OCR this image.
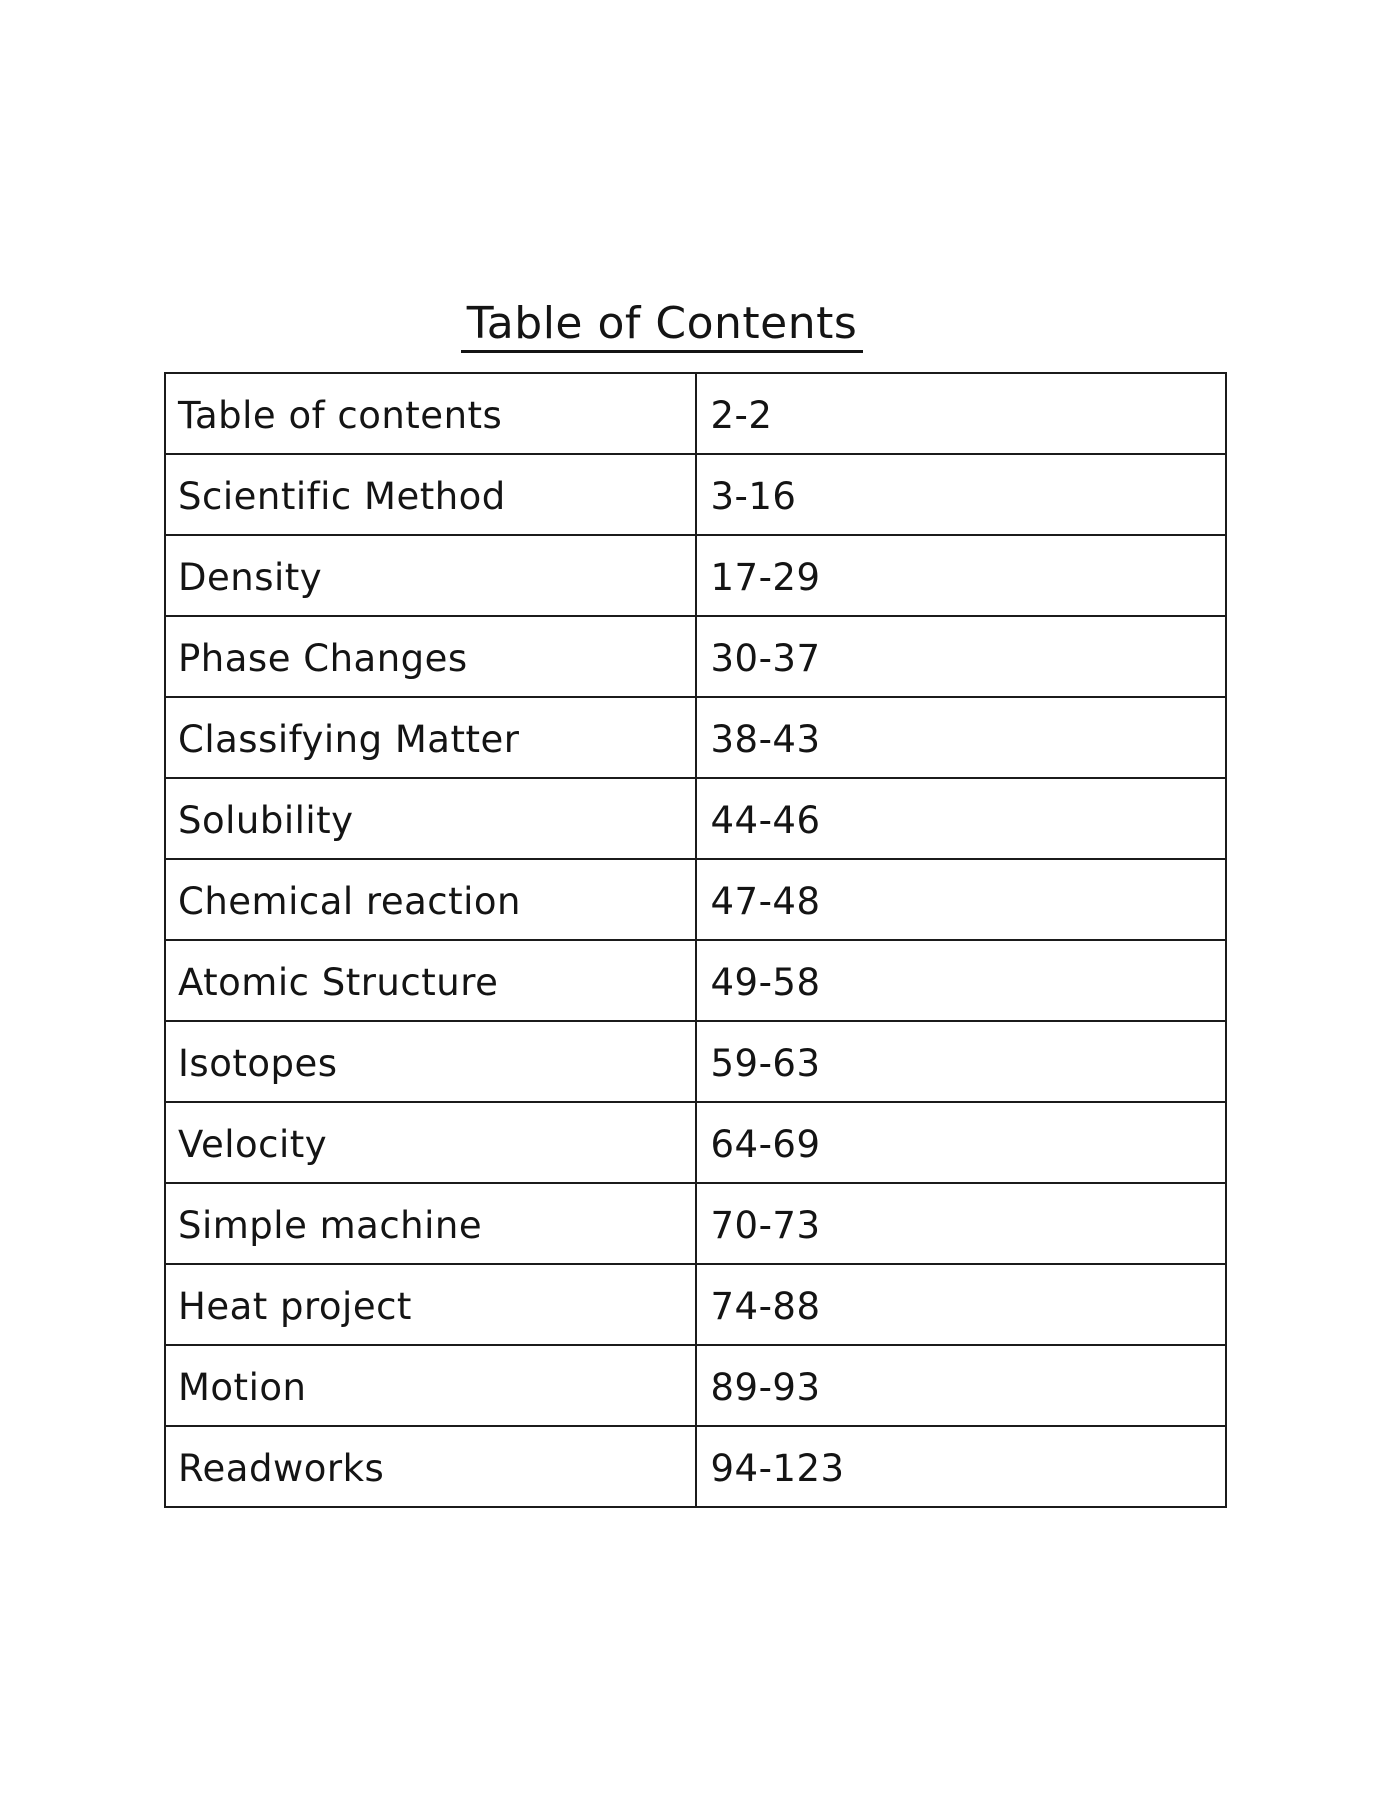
Table of Contents
Table of contents	2-2
Scientific Method	3-16
Density	17-29
Phase Changes	30-37
Classifying Matter	38-43
Solubility	44-46
Chemical reaction	47-48
Atomic Structure	49-58
Isotopes	59-63
Velocity	64-69
Simple machine	70-73
Heat project	74-88
Motion	89-93
Readworks	94-123
